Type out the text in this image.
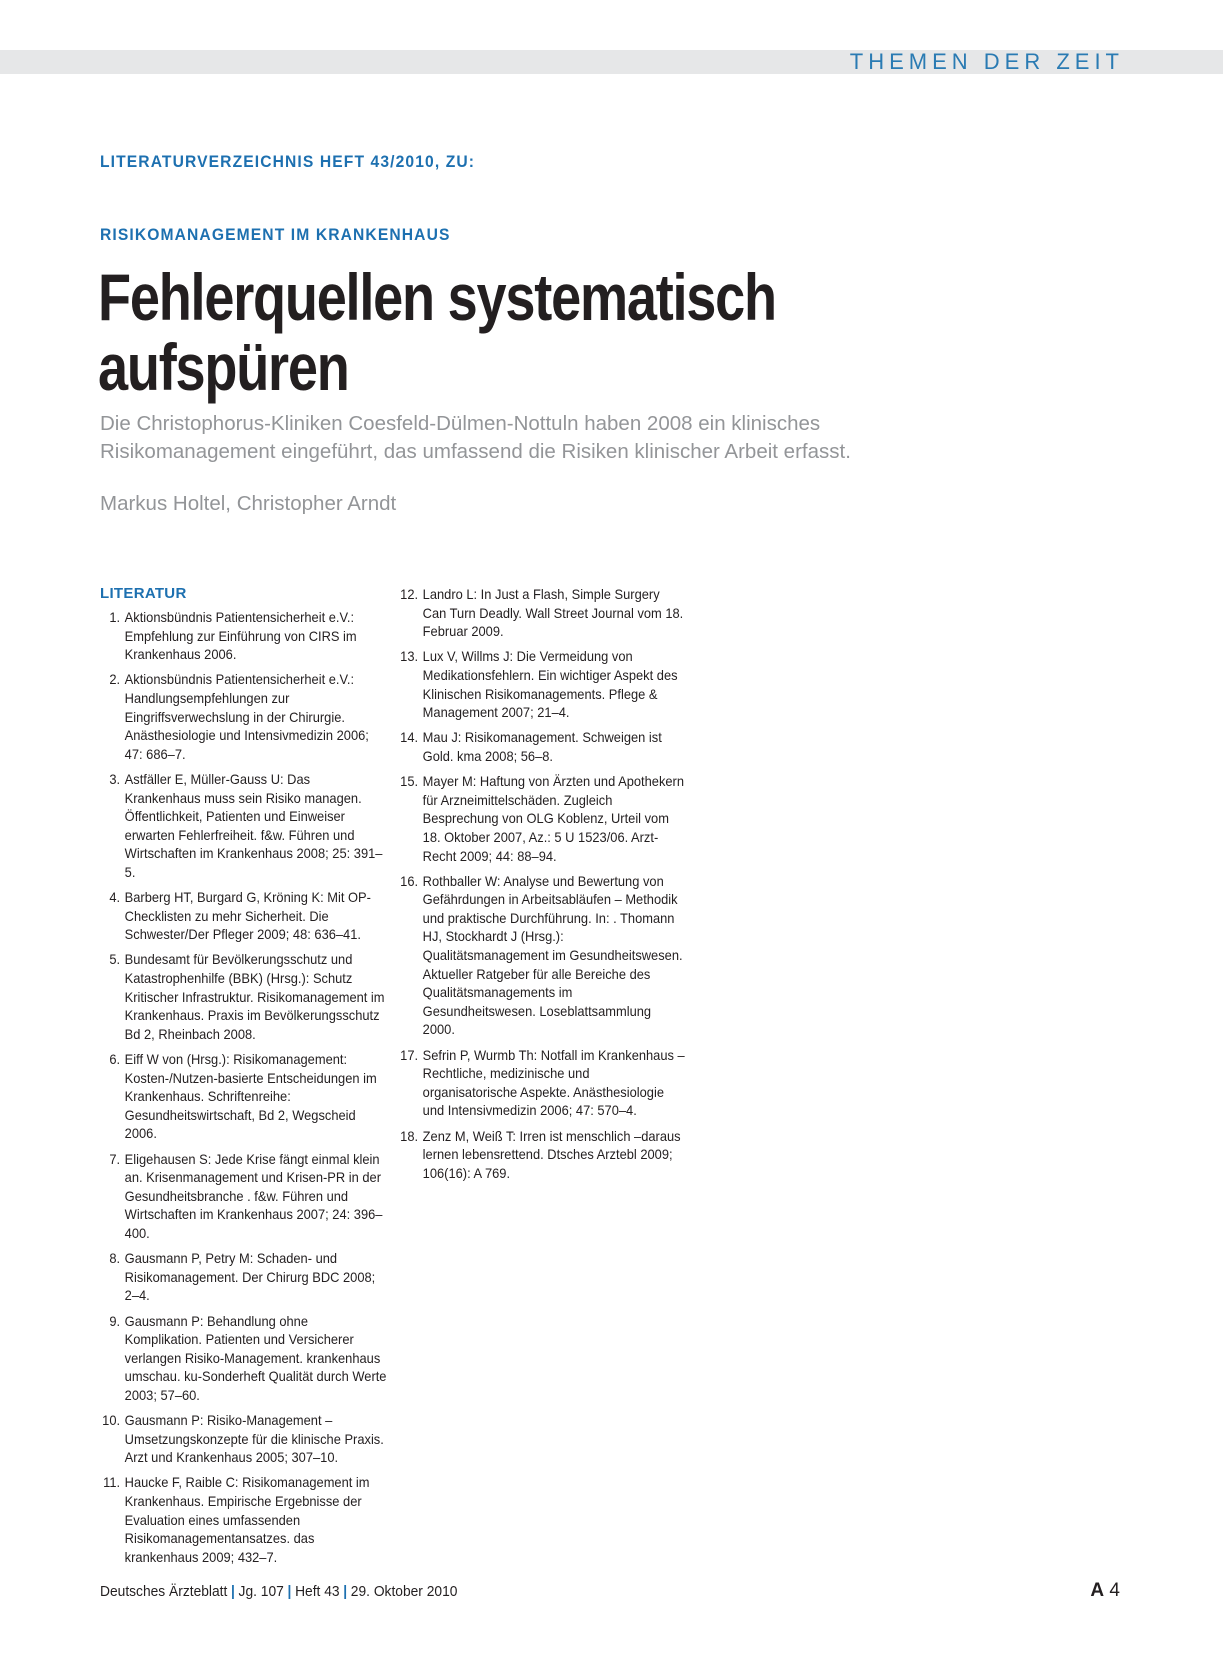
THEMEN DER ZEIT
LITERATURVERZEICHNIS HEFT 43/2010, ZU:
RISIKOMANAGEMENT IM KRANKENHAUS
Fehlerquellen systematisch
aufspüren

Die Christophorus-Kliniken Coesfeld-Dülmen-Nottuln haben 2008 ein klinisches Risikomanagement eingeführt, das umfassend die Risiken klinischer Arbeit erfasst.

Markus Holtel, Christopher Arndt
LITERATUR
1. Aktionsbündnis Patientensicherheit e.V.: Empfehlung zur Einführung von CIRS im Krankenhaus 2006.
2. Aktionsbündnis Patientensicherheit e.V.: Handlungsempfehlungen zur Eingriffsverwechslung in der Chirurgie. Anästhesiologie und Intensivmedizin 2006; 47: 686–7.
3. Astfäller E, Müller-Gauss U: Das Krankenhaus muss sein Risiko managen. Öffentlichkeit, Patienten und Einweiser erwarten Fehlerfreiheit. f&w. Führen und Wirtschaften im Krankenhaus 2008; 25: 391–5.
4. Barberg HT, Burgard G, Kröning K: Mit OP-Checklisten zu mehr Sicherheit. Die Schwester/Der Pfleger 2009; 48: 636–41.
5. Bundesamt für Bevölkerungsschutz und Katastrophenhilfe (BBK) (Hrsg.): Schutz Kritischer Infrastruktur. Risikomanagement im Krankenhaus. Praxis im Bevölkerungsschutz Bd 2, Rheinbach 2008.
6. Eiff W von (Hrsg.): Risikomanagement: Kosten-/Nutzen-basierte Entscheidungen im Krankenhaus. Schriftenreihe: Gesundheitswirtschaft, Bd 2, Wegscheid 2006.
7. Eligehausen S: Jede Krise fängt einmal klein an. Krisenmanagement und Krisen-PR in der Gesundheitsbranche . f&w. Führen und Wirtschaften im Krankenhaus 2007; 24: 396–400.
8. Gausmann P, Petry M: Schaden- und Risikomanagement. Der Chirurg BDC 2008; 2–4.
9. Gausmann P: Behandlung ohne Komplikation. Patienten und Versicherer verlangen Risiko-Management. krankenhaus umschau. ku-Sonderheft Qualität durch Werte 2003; 57–60.
10. Gausmann P: Risiko-Management – Umsetzungskonzepte für die klinische Praxis. Arzt und Krankenhaus 2005; 307–10.
11. Haucke F, Raible C: Risikomanagement im Krankenhaus. Empirische Ergebnisse der Evaluation eines umfassenden Risikomanagementansatzes. das krankenhaus 2009; 432–7.
12. Landro L: In Just a Flash, Simple Surgery Can Turn Deadly. Wall Street Journal vom 18. Februar 2009.
13. Lux V, Willms J: Die Vermeidung von Medikationsfehlern. Ein wichtiger Aspekt des Klinischen Risikomanagements. Pflege & Management 2007; 21–4.
14. Mau J: Risikomanagement. Schweigen ist Gold. kma 2008; 56–8.
15. Mayer M: Haftung von Ärzten und Apothekern für Arzneimittelschäden. Zugleich Besprechung von OLG Koblenz, Urteil vom 18. Oktober 2007, Az.: 5 U 1523/06. Arzt-Recht 2009; 44: 88–94.
16. Rothballer W: Analyse und Bewertung von Gefährdungen in Arbeitsabläufen – Methodik und praktische Durchführung. In: . Thomann HJ, Stockhardt J (Hrsg.): Qualitätsmanagement im Gesundheitswesen. Aktueller Ratgeber für alle Bereiche des Qualitätsmanagements im Gesundheitswesen. Loseblattsammlung 2000.
17. Sefrin P, Wurmb Th: Notfall im Krankenhaus – Rechtliche, medizinische und organisatorische Aspekte. Anästhesiologie und Intensivmedizin 2006; 47: 570–4.
18. Zenz M, Weiß T: Irren ist menschlich –daraus lernen lebensrettend. Dtsches Arztebl 2009; 106(16): A 769.
Deutsches Ärzteblatt | Jg. 107 | Heft 43 | 29. Oktober 2010	A 4
